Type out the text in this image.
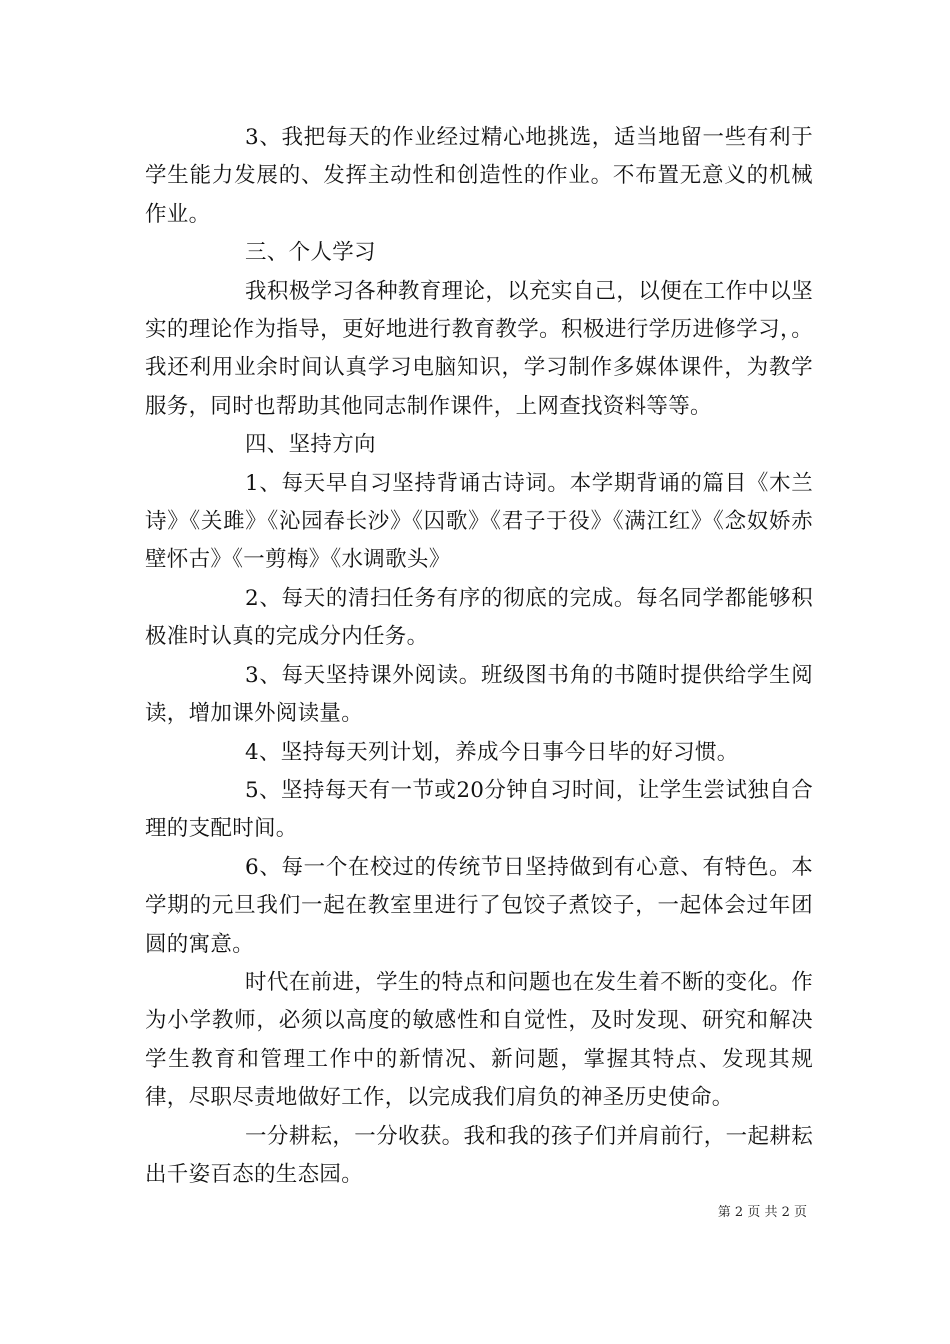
3、我把每天的作业经过精心地挑选，适当地留一些有利于学生能力发展的、发挥主动性和创造性的作业。不布置无意义的机械作业。

三、个人学习

我积极学习各种教育理论，以充实自己，以便在工作中以坚实的理论作为指导，更好地进行教育教学。积极进行学历进修学习，。我还利用业余时间认真学习电脑知识，学习制作多媒体课件，为教学服务，同时也帮助其他同志制作课件，上网查找资料等等。

四、坚持方向

1、每天早自习坚持背诵古诗词。本学期背诵的篇目《木兰诗》《关雎》《沁园春长沙》《囚歌》《君子于役》《满江红》《念奴娇赤壁怀古》《一剪梅》《水调歌头》

2、每天的清扫任务有序的彻底的完成。每名同学都能够积极准时认真的完成分内任务。

3、每天坚持课外阅读。班级图书角的书随时提供给学生阅读，增加课外阅读量。

4、坚持每天列计划，养成今日事今日毕的好习惯。

5、坚持每天有一节或20分钟自习时间，让学生尝试独自合理的支配时间。

6、每一个在校过的传统节日坚持做到有心意、有特色。本学期的元旦我们一起在教室里进行了包饺子煮饺子，一起体会过年团圆的寓意。

时代在前进，学生的特点和问题也在发生着不断的变化。作为小学教师，必须以高度的敏感性和自觉性，及时发现、研究和解决学生教育和管理工作中的新情况、新问题，掌握其特点、发现其规律，尽职尽责地做好工作，以完成我们肩负的神圣历史使命。

一分耕耘，一分收获。我和我的孩子们并肩前行，一起耕耘出千姿百态的生态园。

第 2 页 共 2 页
